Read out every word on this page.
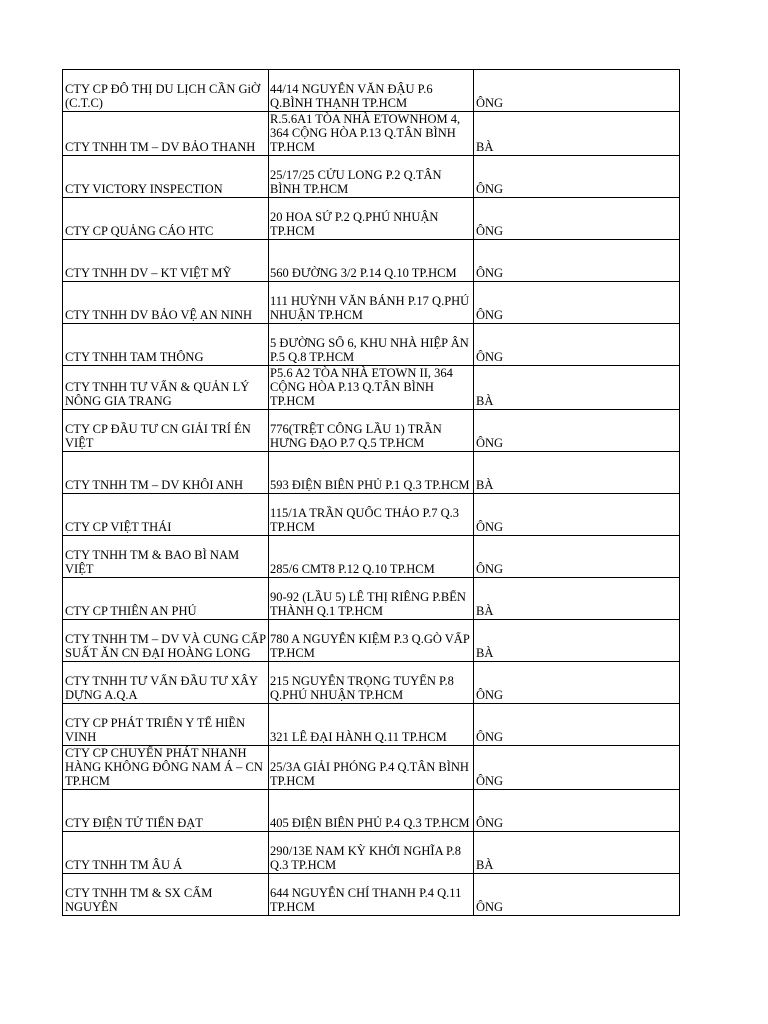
CTY CP ĐÔ THỊ DU LỊCH CẦN GiỜ (C.T.C)	44/14 NGUYỄN VĂN ĐẬU P.6 Q.BÌNH THẠNH TP.HCM	ÔNG

CTY TNHH TM – DV BẢO THANH	R.5.6A1 TÒA NHÀ ETOWNHOM 4, 364 CỘNG HÒA P.13 Q.TÂN BÌNH TP.HCM	BÀ

CTY VICTORY INSPECTION	25/17/25 CỬU LONG P.2 Q.TÂN BÌNH TP.HCM	ÔNG

CTY CP QUẢNG CÁO HTC	20 HOA SỨ P.2 Q.PHÚ NHUẬN TP.HCM	ÔNG

CTY TNHH DV – KT VIỆT MỸ	560 ĐƯỜNG 3/2 P.14 Q.10 TP.HCM	ÔNG

CTY TNHH DV BẢO VỆ AN NINH	111 HUỲNH VĂN BÁNH P.17 Q.PHÚ NHUẬN TP.HCM	ÔNG

CTY TNHH TAM THÔNG	5 ĐƯỜNG SỐ 6, KHU NHÀ HIỆP ÂN P.5 Q.8 TP.HCM	ÔNG

CTY TNHH TƯ VẤN & QUẢN LÝ NÔNG GIA TRANG	P5.6 A2 TÒA NHÀ ETOWN II, 364 CỘNG HÒA P.13 Q.TÂN BÌNH TP.HCM	BÀ

CTY CP ĐẦU TƯ CN GIẢI TRÍ ÉN VIỆT	776(TRỆT CÔNG LẦU 1) TRẦN HƯNG ĐẠO P.7 Q.5 TP.HCM	ÔNG

CTY TNHH TM – DV KHÔI ANH	593 ĐIỆN BIÊN PHỦ P.1 Q.3 TP.HCM	BÀ

CTY CP VIỆT THÁI	115/1A TRẦN QUỐC THẢO P.7 Q.3 TP.HCM	ÔNG

CTY TNHH TM & BAO BÌ NAM VIỆT	285/6 CMT8 P.12 Q.10 TP.HCM	ÔNG

CTY CP THIÊN AN PHÚ	90-92 (LẦU 5) LÊ THỊ RIÊNG P.BẾN THÀNH Q.1 TP.HCM	BÀ

CTY TNHH TM – DV VÀ CUNG CẤP SUẤT ĂN CN ĐẠI HOÀNG LONG	780 A NGUYỄN KIỆM P.3 Q.GÒ VẤP TP.HCM	BÀ

CTY TNHH TƯ VẤN ĐẦU TƯ XÂY DỰNG A.Q.A	215 NGUYỄN TRỌNG TUYỂN P.8 Q.PHÚ NHUẬN TP.HCM	ÔNG

CTY CP PHÁT TRIỂN Y TẾ HIỀN VINH	321 LÊ ĐẠI HÀNH Q.11 TP.HCM	ÔNG

CTY CP CHUYỂN PHÁT NHANH HÀNG KHÔNG ĐÔNG NAM Á – CN TP.HCM	25/3A GIẢI PHÓNG P.4 Q.TÂN BÌNH TP.HCM	ÔNG

CTY ĐIỆN TỬ TIẾN ĐẠT	405 ĐIỆN BIÊN PHỦ P.4 Q.3 TP.HCM	ÔNG

CTY TNHH TM ÂU Á	290/13E NAM KỲ KHỞI NGHĨA P.8 Q.3 TP.HCM	BÀ

CTY TNHH TM & SX CẨM NGUYÊN	644 NGUYỄN CHÍ THANH P.4 Q.11 TP.HCM	ÔNG
